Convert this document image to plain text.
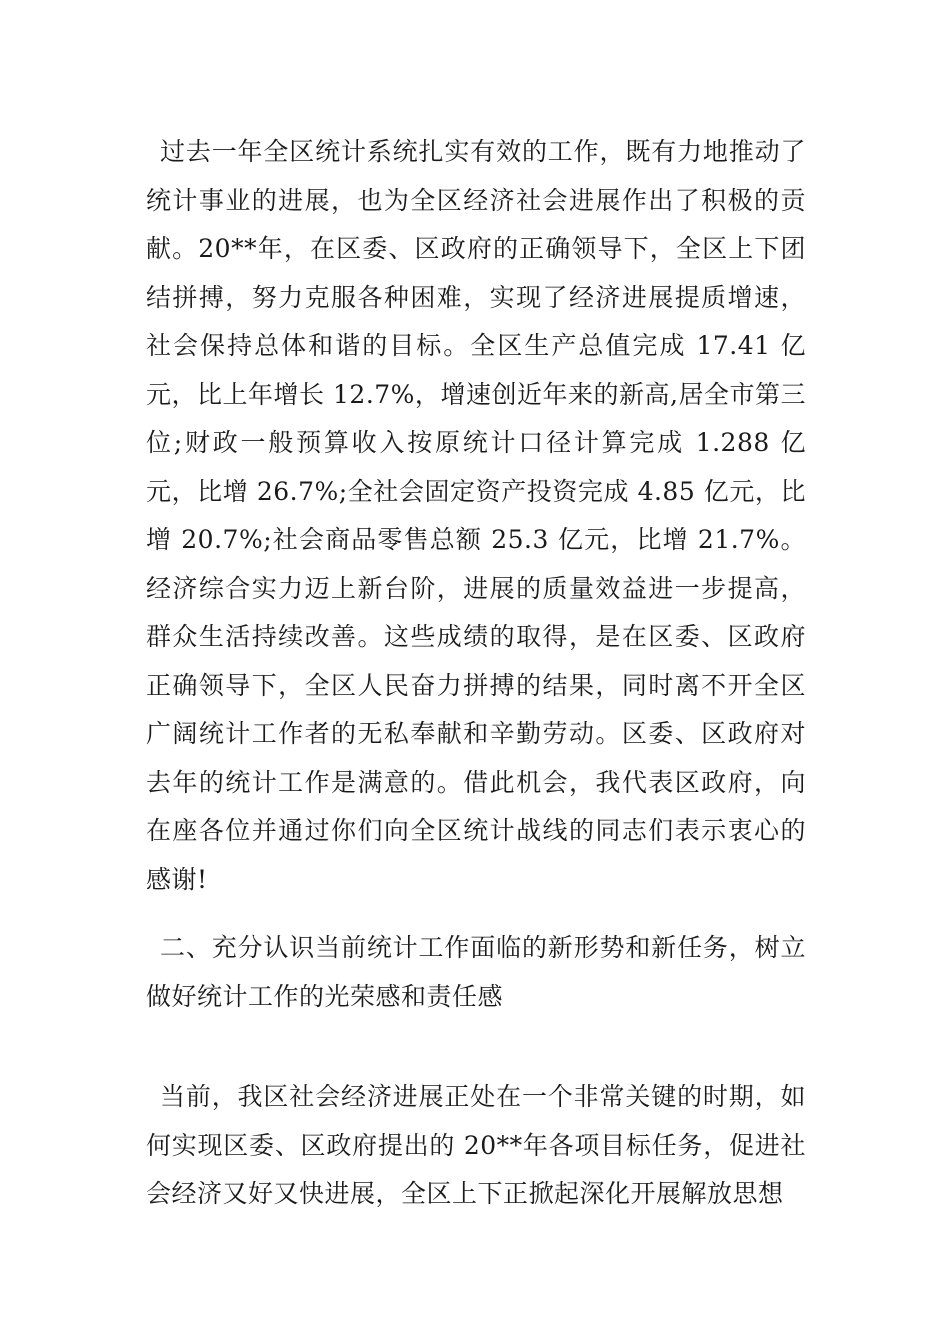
过去一年全区统计系统扎实有效的工作，既有力地推动了统计事业的进展，也为全区经济社会进展作出了积极的贡献。20**年，在区委、区政府的正确领导下，全区上下团结拼搏，努力克服各种困难，实现了经济进展提质增速，社会保持总体和谐的目标。全区生产总值完成 17.41 亿元，比上年增长 12.7%，增速创近年来的新高,居全市第三位;财政一般预算收入按原统计口径计算完成 1.288 亿元，比增 26.7%;全社会固定资产投资完成 4.85 亿元，比增 20.7%;社会商品零售总额 25.3 亿元，比增 21.7%。经济综合实力迈上新台阶，进展的质量效益进一步提高，群众生活持续改善。这些成绩的取得，是在区委、区政府正确领导下，全区人民奋力拼搏的结果，同时离不开全区广阔统计工作者的无私奉献和辛勤劳动。区委、区政府对去年的统计工作是满意的。借此机会，我代表区政府，向在座各位并通过你们向全区统计战线的同志们表示衷心的感谢!

二、充分认识当前统计工作面临的新形势和新任务，树立做好统计工作的光荣感和责任感

当前，我区社会经济进展正处在一个非常关键的时期，如何实现区委、区政府提出的 20**年各项目标任务，促进社会经济又好又快进展，全区上下正掀起深化开展解放思想
